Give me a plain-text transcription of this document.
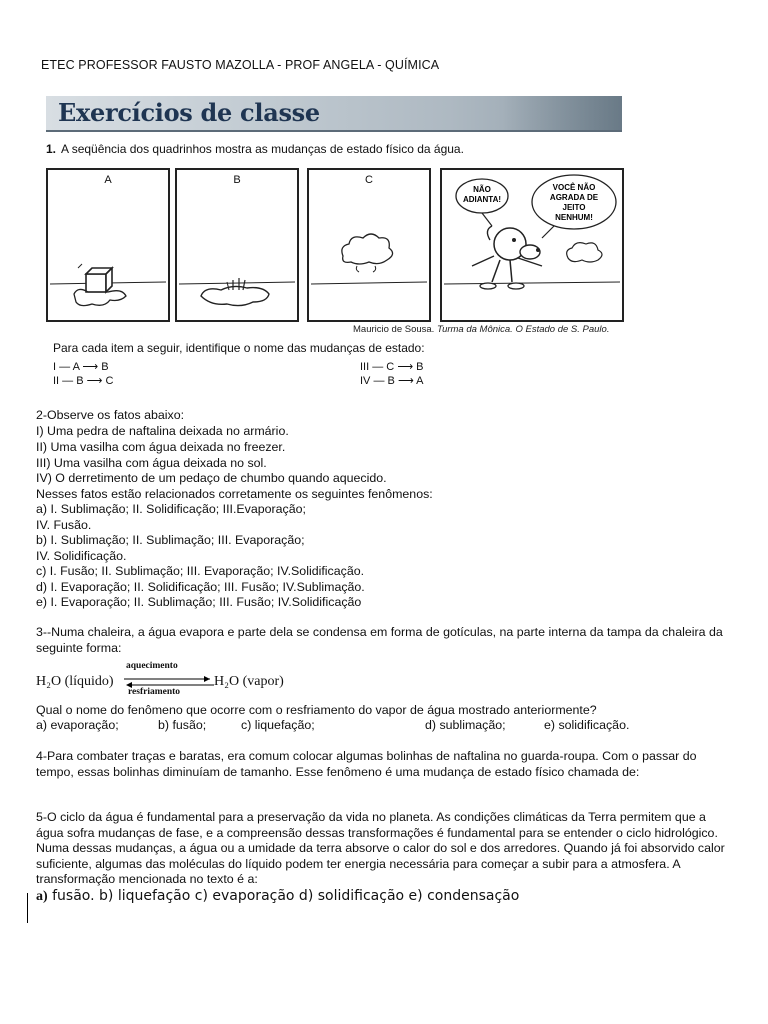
ETEC PROFESSOR FAUSTO MAZOLLA - PROF ANGELA - QUÍMICA
Exercícios de classe
1. A seqüência dos quadrinhos mostra as mudanças de estado físico da água.
A	B	C
NÃO
ADIANTA!
VOCÊ NÃO
AGRADA DE
JEITO
NENHUM!
Mauricio de Sousa. Turma da Mônica. O Estado de S. Paulo.
Para cada item a seguir, identifique o nome das mudanças de estado:
I — A ⟶ B
II — B ⟶ C
III — C ⟶ B
IV — B ⟶ A
2-Observe os fatos abaixo:
I) Uma pedra de naftalina deixada no armário.
II) Uma vasilha com água deixada no freezer.
III) Uma vasilha com água deixada no sol.
IV) O derretimento de um pedaço de chumbo quando aquecido.
Nesses fatos estão relacionados corretamente os seguintes fenômenos:
a) I. Sublimação; II. Solidificação; III.Evaporação;
IV. Fusão.
b) I. Sublimação; II. Sublimação; III. Evaporação;
IV. Solidificação.
c) I. Fusão; II. Sublimação; III. Evaporação; IV.Solidificação.
d) I. Evaporação; II. Solidificação; III. Fusão; IV.Sublimação.
e) I. Evaporação; II. Sublimação; III. Fusão; IV.Solidificação
3--Numa chaleira, a água evapora e parte dela se condensa em forma de gotículas, na parte interna da tampa da chaleira da seguinte forma:
H₂O (líquido)
aquecimento
resfriamento
H₂O (vapor)
Qual o nome do fenômeno que ocorre com o resfriamento do vapor de água mostrado anteriormente?
a) evaporação;	b) fusão;	c) liquefação;	d) sublimação;	e) solidificação.
4-Para combater traças e baratas, era comum colocar algumas bolinhas de naftalina no guarda-roupa. Com o passar do tempo, essas bolinhas diminuíam de tamanho. Esse fenômeno é uma mudança de estado físico chamada de:
5-O ciclo da água é fundamental para a preservação da vida no planeta. As condições climáticas da Terra permitem que a água sofra mudanças de fase, e a compreensão dessas transformações é fundamental para se entender o ciclo hidrológico. Numa dessas mudanças, a água ou a umidade da terra absorve o calor do sol e dos arredores. Quando já foi absorvido calor suficiente, algumas das moléculas do líquido podem ter energia necessária para começar a subir para a atmosfera. A transformação mencionada no texto é a:
a) fusão. b) liquefação c) evaporação d) solidificação e) condensação
